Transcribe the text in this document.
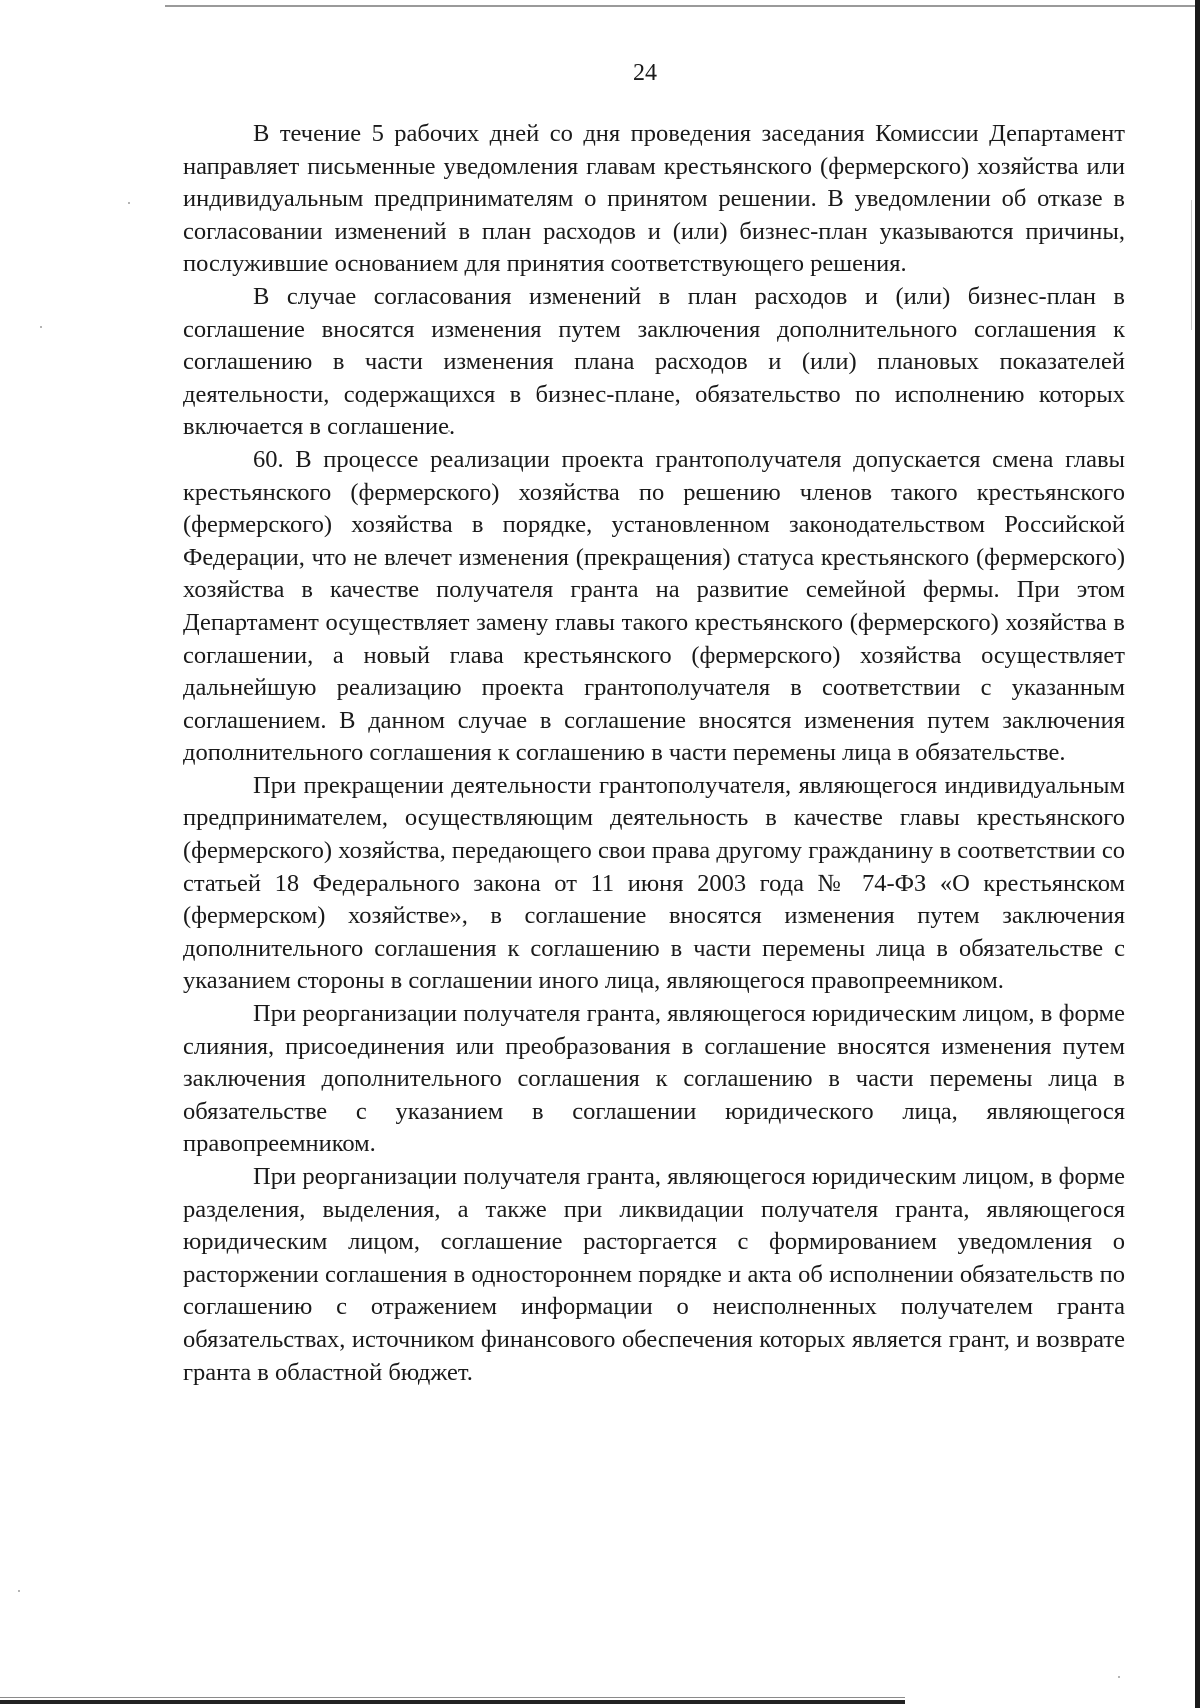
24

В течение 5 рабочих дней со дня проведения заседания Комиссии Департамент направляет письменные уведомления главам крестьянского (фермерского) хозяйства или индивидуальным предпринимателям о принятом решении. В уведомлении об отказе в согласовании изменений в план расходов и (или) бизнес-план указываются причины, послужившие основанием для принятия соответствующего решения.

В случае согласования изменений в план расходов и (или) бизнес-план в соглашение вносятся изменения путем заключения дополнительного соглашения к соглашению в части изменения плана расходов и (или) плановых показателей деятельности, содержащихся в бизнес-плане, обязательство по исполнению которых включается в соглашение.

60. В процессе реализации проекта грантополучателя допускается смена главы крестьянского (фермерского) хозяйства по решению членов такого крестьянского (фермерского) хозяйства в порядке, установленном законодательством Российской Федерации, что не влечет изменения (прекращения) статуса крестьянского (фермерского) хозяйства в качестве получателя гранта на развитие семейной фермы. При этом Департамент осуществляет замену главы такого крестьянского (фермерского) хозяйства в соглашении, а новый глава крестьянского (фермерского) хозяйства осуществляет дальнейшую реализацию проекта грантополучателя в соответствии с указанным соглашением. В данном случае в соглашение вносятся изменения путем заключения дополнительного соглашения к соглашению в части перемены лица в обязательстве.

При прекращении деятельности грантополучателя, являющегося индивидуальным предпринимателем, осуществляющим деятельность в качестве главы крестьянского (фермерского) хозяйства, передающего свои права другому гражданину в соответствии со статьей 18 Федерального закона от 11 июня 2003 года № 74-ФЗ «О крестьянском (фермерском) хозяйстве», в соглашение вносятся изменения путем заключения дополнительного соглашения к соглашению в части перемены лица в обязательстве с указанием стороны в соглашении иного лица, являющегося правопреемником.

При реорганизации получателя гранта, являющегося юридическим лицом, в форме слияния, присоединения или преобразования в соглашение вносятся изменения путем заключения дополнительного соглашения к соглашению в части перемены лица в обязательстве с указанием в соглашении юридического лица, являющегося правопреемником.

При реорганизации получателя гранта, являющегося юридическим лицом, в форме разделения, выделения, а также при ликвидации получателя гранта, являющегося юридическим лицом, соглашение расторгается с формированием уведомления о расторжении соглашения в одностороннем порядке и акта об исполнении обязательств по соглашению с отражением информации о неисполненных получателем гранта обязательствах, источником финансового обеспечения которых является грант, и возврате гранта в областной бюджет.
